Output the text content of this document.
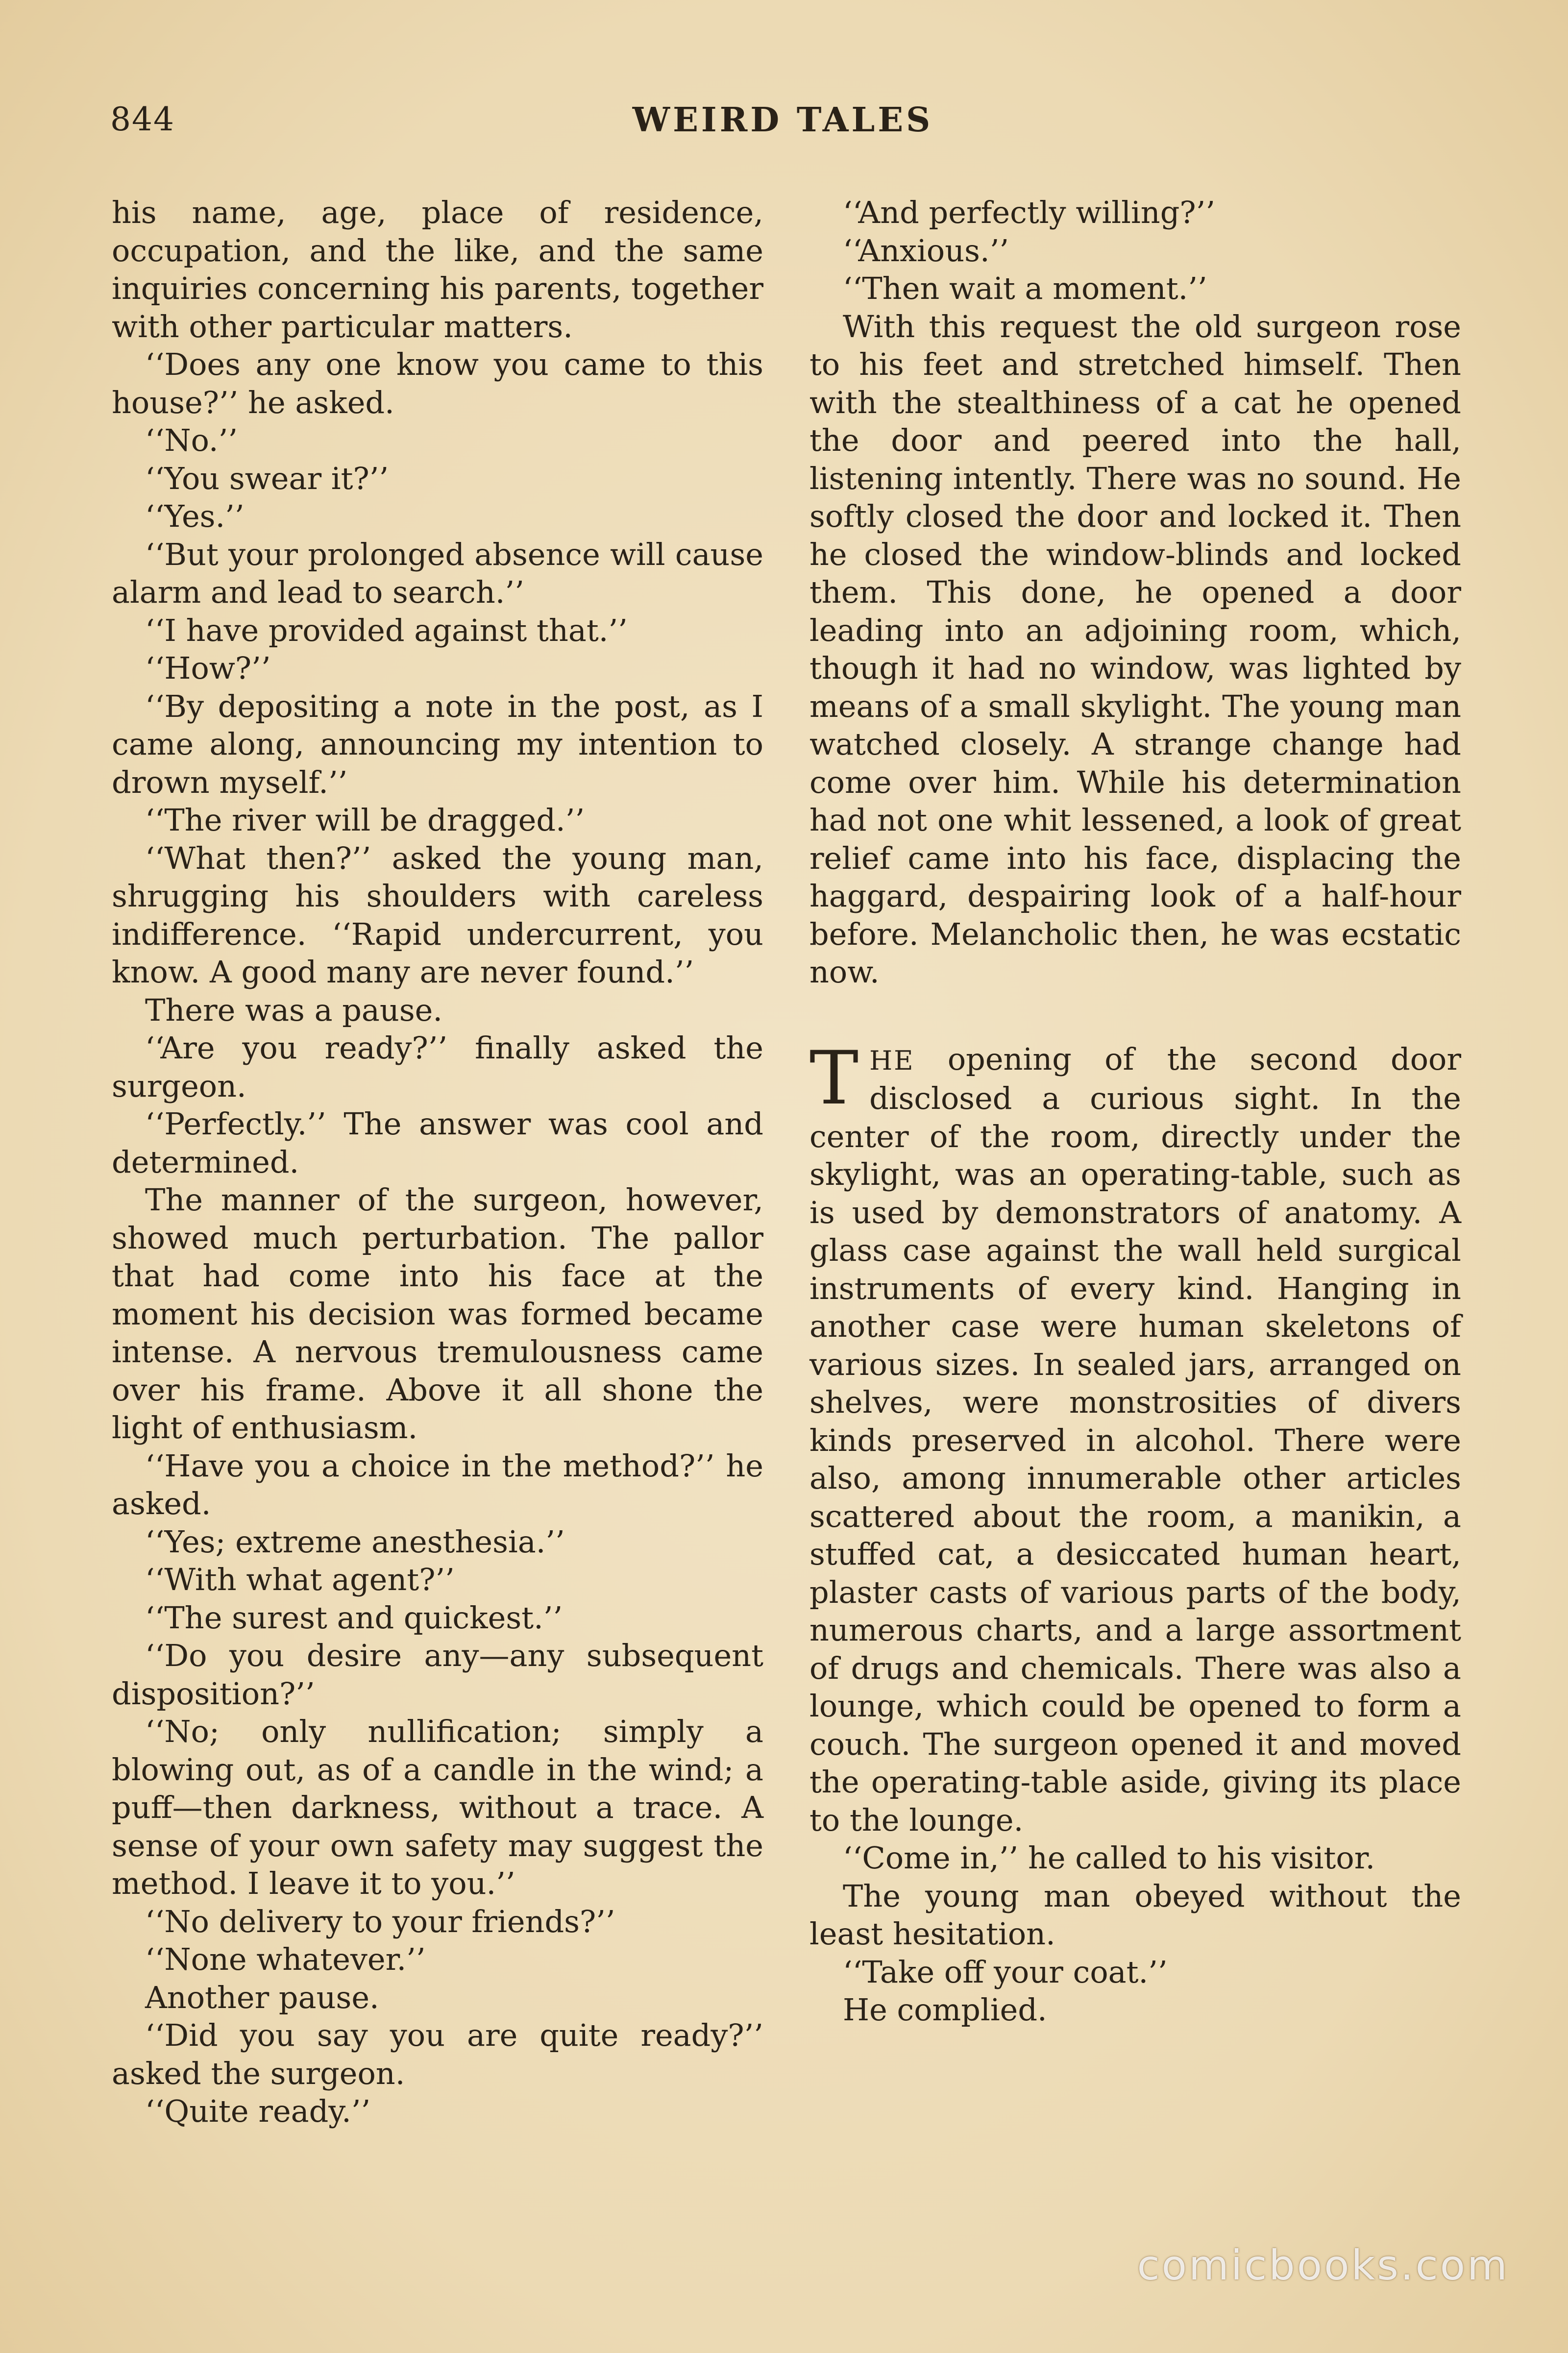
844	WEIRD TALES

his name, age, place of residence, occupation, and the like, and the same inquiries concerning his parents, together with other particular matters.

‘‘Does any one know you came to this house?’’ he asked.

‘‘No.’’

‘‘You swear it?’’

‘‘Yes.’’

‘‘But your prolonged absence will cause alarm and lead to search.’’

‘‘I have provided against that.’’

‘‘How?’’

‘‘By depositing a note in the post, as I came along, announcing my intention to drown myself.’’

‘‘The river will be dragged.’’

‘‘What then?’’ asked the young man, shrugging his shoulders with careless indifference. ‘‘Rapid undercurrent, you know. A good many are never found.’’

There was a pause.

‘‘Are you ready?’’ finally asked the surgeon.

‘‘Perfectly.’’ The answer was cool and determined.

The manner of the surgeon, however, showed much perturbation. The pallor that had come into his face at the moment his decision was formed became intense. A nervous tremulousness came over his frame. Above it all shone the light of enthusiasm.

‘‘Have you a choice in the method?’’ he asked.

‘‘Yes; extreme anesthesia.’’

‘‘With what agent?’’

‘‘The surest and quickest.’’

‘‘Do you desire any—any subsequent disposition?’’

‘‘No; only nullification; simply a blowing out, as of a candle in the wind; a puff—then darkness, without a trace. A sense of your own safety may suggest the method. I leave it to you.’’

‘‘No delivery to your friends?’’

‘‘None whatever.’’

Another pause.

‘‘Did you say you are quite ready?’’ asked the surgeon.

‘‘Quite ready.’’

‘‘And perfectly willing?’’

‘‘Anxious.’’

‘‘Then wait a moment.’’

With this request the old surgeon rose to his feet and stretched himself. Then with the stealthiness of a cat he opened the door and peered into the hall, listening intently. There was no sound. He softly closed the door and locked it. Then he closed the window-blinds and locked them. This done, he opened a door leading into an adjoining room, which, though it had no window, was lighted by means of a small skylight. The young man watched closely. A strange change had come over him. While his determination had not one whit lessened, a look of great relief came into his face, displacing the haggard, despairing look of a half-hour before. Melancholic then, he was ecstatic now.

THE opening of the second door disclosed a curious sight. In the center of the room, directly under the skylight, was an operating-table, such as is used by demonstrators of anatomy. A glass case against the wall held surgical instruments of every kind. Hanging in another case were human skeletons of various sizes. In sealed jars, arranged on shelves, were monstrosities of divers kinds preserved in alcohol. There were also, among innumerable other articles scattered about the room, a manikin, a stuffed cat, a desiccated human heart, plaster casts of various parts of the body, numerous charts, and a large assortment of drugs and chemicals. There was also a lounge, which could be opened to form a couch. The surgeon opened it and moved the operating-table aside, giving its place to the lounge.

‘‘Come in,’’ he called to his visitor.

The young man obeyed without the least hesitation.

‘‘Take off your coat.’’

He complied.

comicbooks.com
